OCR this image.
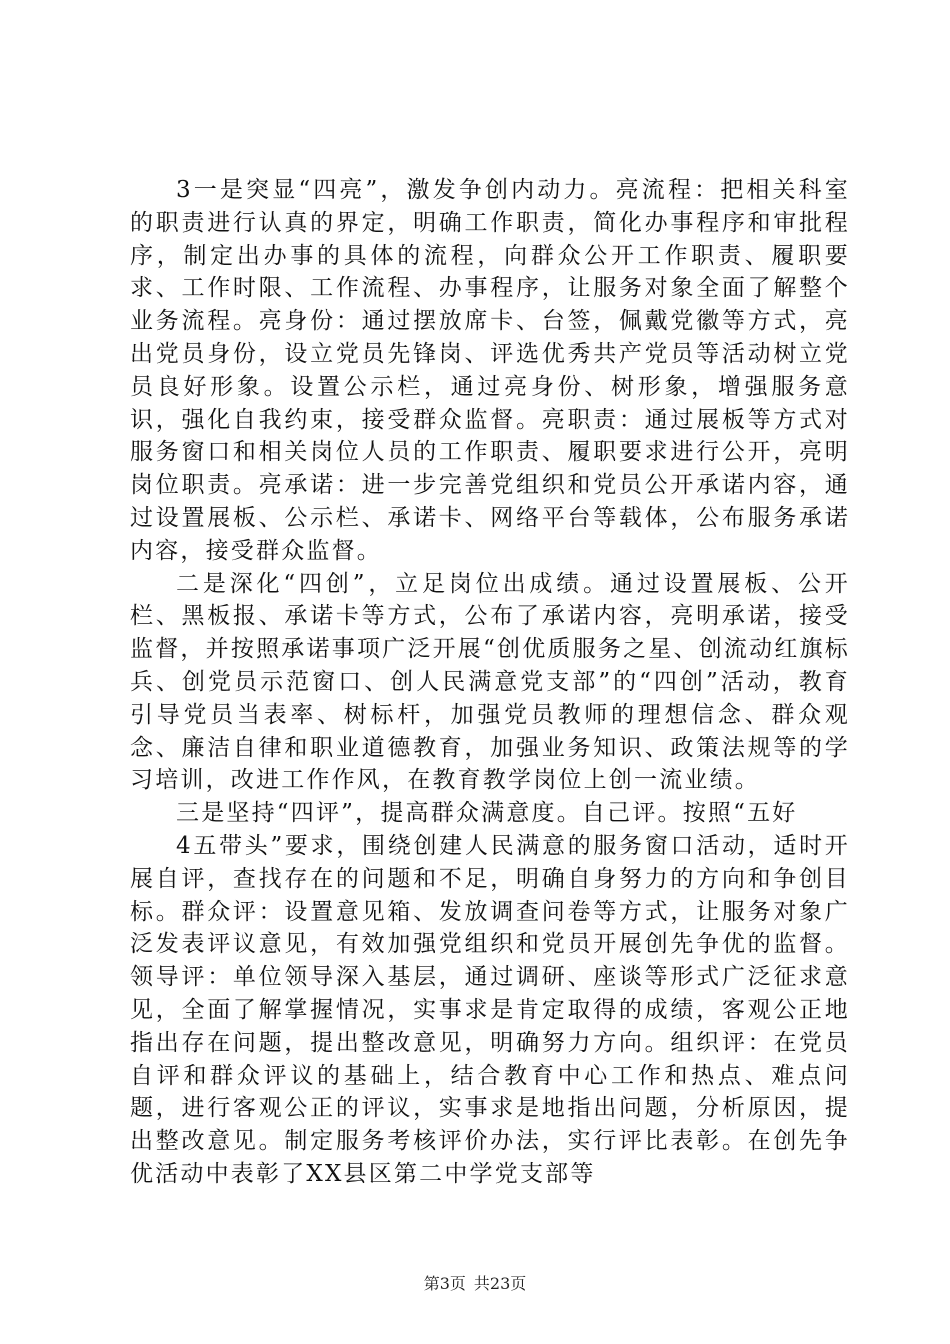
3一是突显“四亮”，激发争创内动力。亮流程：把相关科室的职责进行认真的界定，明确工作职责，简化办事程序和审批程序，制定出办事的具体的流程，向群众公开工作职责、履职要求、工作时限、工作流程、办事程序，让服务对象全面了解整个业务流程。亮身份：通过摆放席卡、台签，佩戴党徽等方式，亮出党员身份，设立党员先锋岗、评选优秀共产党员等活动树立党员良好形象。设置公示栏，通过亮身份、树形象，增强服务意识，强化自我约束，接受群众监督。亮职责：通过展板等方式对服务窗口和相关岗位人员的工作职责、履职要求进行公开，亮明岗位职责。亮承诺：进一步完善党组织和党员公开承诺内容，通过设置展板、公示栏、承诺卡、网络平台等载体，公布服务承诺内容，接受群众监督。

二是深化“四创”，立足岗位出成绩。通过设置展板、公开栏、黑板报、承诺卡等方式，公布了承诺内容，亮明承诺，接受监督，并按照承诺事项广泛开展“创优质服务之星、创流动红旗标兵、创党员示范窗口、创人民满意党支部”的“四创”活动，教育引导党员当表率、树标杆，加强党员教师的理想信念、群众观念、廉洁自律和职业道德教育，加强业务知识、政策法规等的学习培训，改进工作作风，在教育教学岗位上创一流业绩。

三是坚持“四评”，提高群众满意度。自己评。按照“五好

4五带头”要求，围绕创建人民满意的服务窗口活动，适时开展自评，查找存在的问题和不足，明确自身努力的方向和争创目标。群众评：设置意见箱、发放调查问卷等方式，让服务对象广泛发表评议意见，有效加强党组织和党员开展创先争优的监督。领导评：单位领导深入基层，通过调研、座谈等形式广泛征求意见，全面了解掌握情况，实事求是肯定取得的成绩，客观公正地指出存在问题，提出整改意见，明确努力方向。组织评：在党员自评和群众评议的基础上，结合教育中心工作和热点、难点问题，进行客观公正的评议，实事求是地指出问题，分析原因，提出整改意见。制定服务考核评价办法，实行评比表彰。在创先争优活动中表彰了XX县区第二中学党支部等

第3页 共23页
